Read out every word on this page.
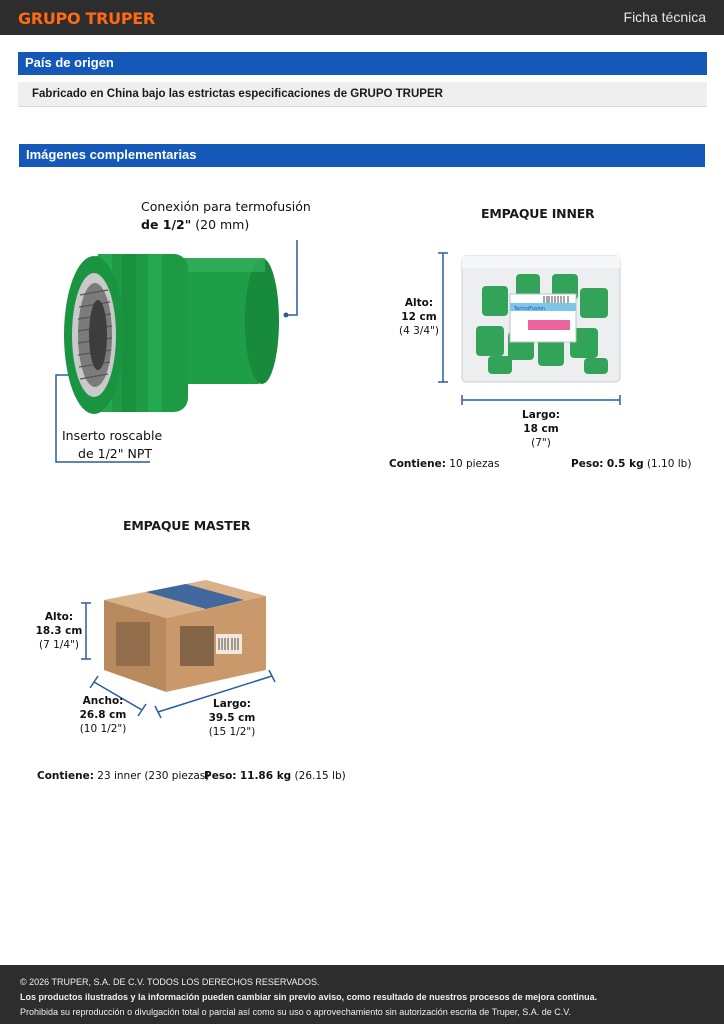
GRUPO TRUPER	Ficha técnica
País de origen
Fabricado en China bajo las estrictas especificaciones de GRUPO TRUPER
Imágenes complementarias
Conexión para termofusión
de 1/2" (20 mm)
Inserto roscable
de 1/2" NPT
EMPAQUE INNER
TermoFusion
Alto:
12 cm
(4 3/4")
Largo:
18 cm
(7")
Contiene: 10 piezas	Peso: 0.5 kg (1.10 lb)
EMPAQUE MASTER
Alto:
18.3 cm
(7 1/4")
Ancho:
26.8 cm
(10 1/2")
Largo:
39.5 cm
(15 1/2")
Contiene: 23 inner (230 piezas)
Peso: 11.86 kg (26.15 lb)
© 2026 TRUPER, S.A. DE C.V. TODOS LOS DERECHOS RESERVADOS.
Los productos ilustrados y la información pueden cambiar sin previo aviso, como resultado de nuestros procesos de mejora continua.
Prohibida su reproducción o divulgación total o parcial así como su uso o aprovechamiento sin autorización escrita de Truper, S.A. de C.V.
